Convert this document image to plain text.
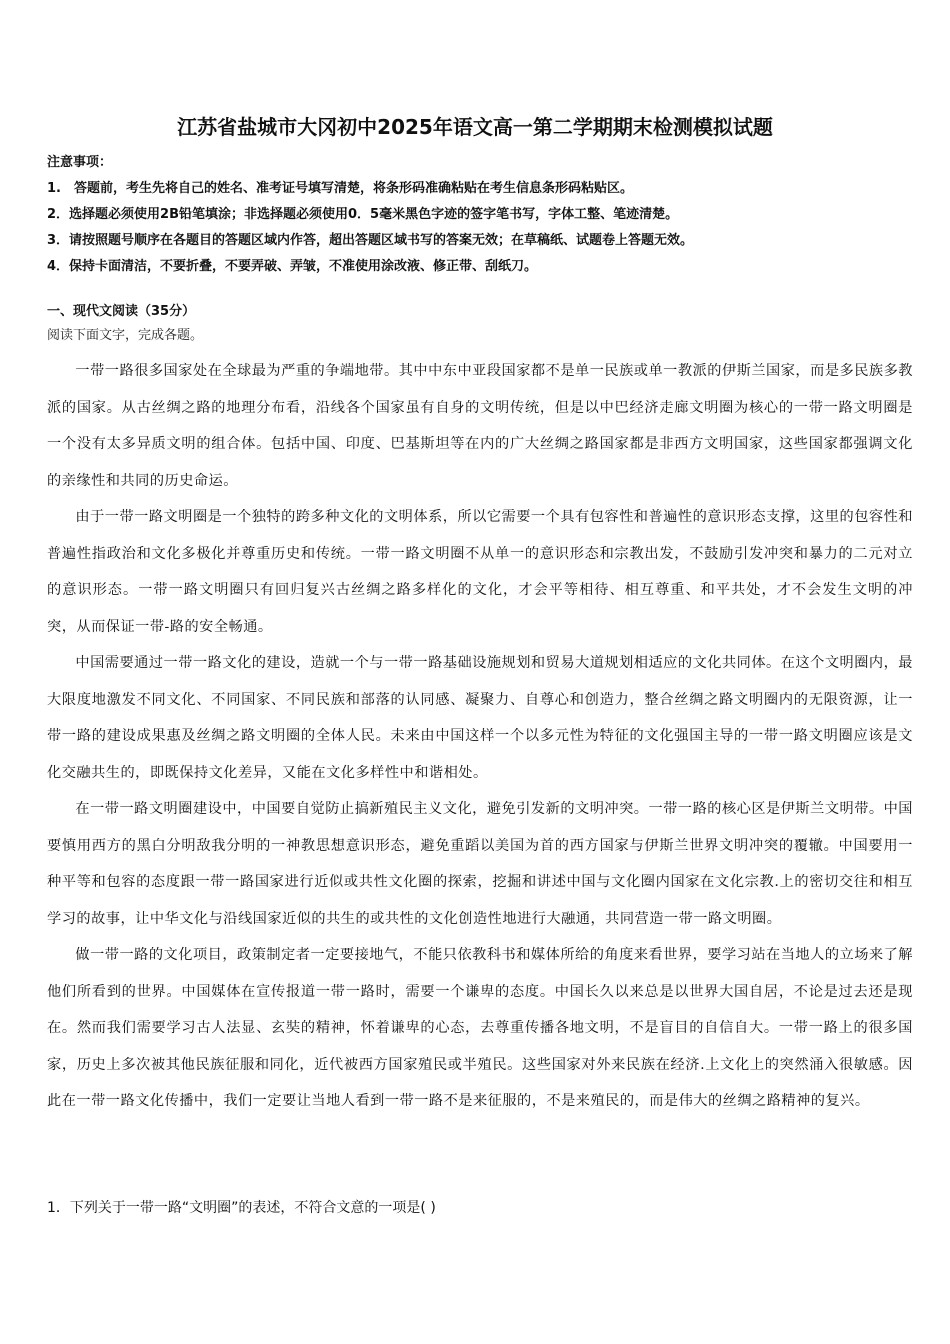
江苏省盐城市大冈初中2025年语文高一第二学期期末检测模拟试题
注意事项：
1.　答题前，考生先将自己的姓名、准考证号填写清楚，将条形码准确粘贴在考生信息条形码粘贴区。
2．选择题必须使用2B铅笔填涂；非选择题必须使用0．5毫米黑色字迹的签字笔书写，字体工整、笔迹清楚。
3．请按照题号顺序在各题目的答题区域内作答，超出答题区域书写的答案无效；在草稿纸、试题卷上答题无效。
4．保持卡面清洁，不要折叠，不要弄破、弄皱，不准使用涂改液、修正带、刮纸刀。
一、现代文阅读（35分）
阅读下面文字，完成各题。

一带一路很多国家处在全球最为严重的争端地带。其中中东中亚段国家都不是单一民族或单一教派的伊斯兰国家，而是多民族多教派的国家。从古丝绸之路的地理分布看，沿线各个国家虽有自身的文明传统，但是以中巴经济走廊文明圈为核心的一带一路文明圈是一个没有太多异质文明的组合体。包括中国、印度、巴基斯坦等在内的广大丝绸之路国家都是非西方文明国家，这些国家都强调文化的亲缘性和共同的历史命运。

由于一带一路文明圈是一个独特的跨多种文化的文明体系，所以它需要一个具有包容性和普遍性的意识形态支撑，这里的包容性和普遍性指政治和文化多极化并尊重历史和传统。一带一路文明圈不从单一的意识形态和宗教出发，不鼓励引发冲突和暴力的二元对立的意识形态。一带一路文明圈只有回归复兴古丝绸之路多样化的文化，才会平等相待、相互尊重、和平共处，才不会发生文明的冲突，从而保证一带-路的安全畅通。

中国需要通过一带一路文化的建设，造就一个与一带一路基础设施规划和贸易大道规划相适应的文化共同体。在这个文明圈内，最大限度地激发不同文化、不同国家、不同民族和部落的认同感、凝聚力、自尊心和创造力，整合丝绸之路文明圈内的无限资源，让一带一路的建设成果惠及丝绸之路文明圈的全体人民。未来由中国这样一个以多元性为特征的文化强国主导的一带一路文明圈应该是文化交融共生的，即既保持文化差异，又能在文化多样性中和谐相处。

在一带一路文明圈建设中，中国要自觉防止搞新殖民主义文化，避免引发新的文明冲突。一带一路的核心区是伊斯兰文明带。中国要慎用西方的黑白分明敌我分明的一神教思想意识形态，避免重蹈以美国为首的西方国家与伊斯兰世界文明冲突的覆辙。中国要用一种平等和包容的态度跟一带一路国家进行近似或共性文化圈的探索，挖掘和讲述中国与文化圈内国家在文化宗教.上的密切交往和相互学习的故事，让中华文化与沿线国家近似的共生的或共性的文化创造性地进行大融通，共同营造一带一路文明圈。

做一带一路的文化项目，政策制定者一定要接地气，不能只依教科书和媒体所给的角度来看世界，要学习站在当地人的立场来了解他们所看到的世界。中国媒体在宣传报道一带一路时，需要一个谦卑的态度。中国长久以来总是以世界大国自居，不论是过去还是现在。然而我们需要学习古人法显、玄奘的精神，怀着谦卑的心态，去尊重传播各地文明，不是盲目的自信自大。一带一路上的很多国家，历史上多次被其他民族征服和同化，近代被西方国家殖民或半殖民。这些国家对外来民族在经济.上文化上的突然涌入很敏感。因此在一带一路文化传播中，我们一定要让当地人看到一带一路不是来征服的，不是来殖民的，而是伟大的丝绸之路精神的复兴。

1．下列关于一带一路“文明圈”的表述，不符合文意的一项是( )
